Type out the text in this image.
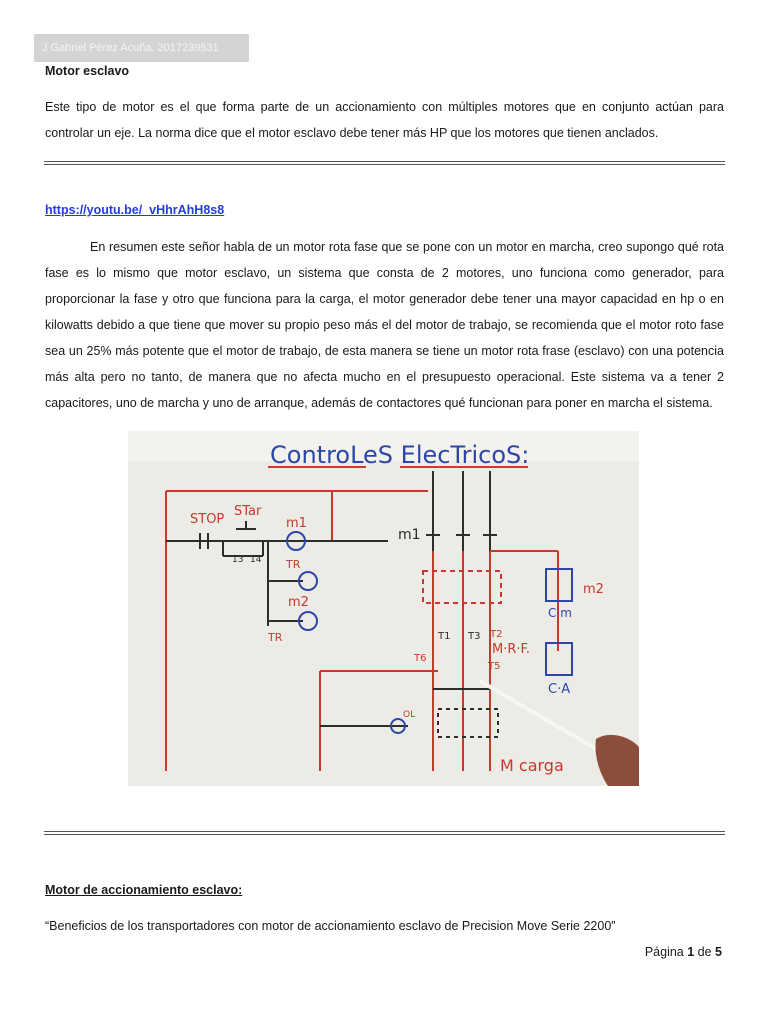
J Gabriel Pérez Acuña, 2017239531
Motor esclavo
Este tipo de motor es el que forma parte de un accionamiento con múltiples motores que en conjunto actúan para controlar un eje. La norma dice que el motor esclavo debe tener más HP que los motores que tienen anclados.
https://youtu.be/_vHhrAhH8s8
En resumen este señor habla de un motor rota fase que se pone con un motor en marcha, creo supongo qué rota fase es lo mismo que motor esclavo, un sistema que consta de 2 motores, uno funciona como generador, para proporcionar la fase y otro que funciona para la carga, el motor generador debe tener una mayor capacidad en hp o en kilowatts debido a que tiene que mover su propio peso más el del motor de trabajo, se recomienda que el motor roto fase sea un 25% más potente que el motor de trabajo, de esta manera se tiene un motor rota frase (esclavo) con una potencia más alta pero no tanto, de manera que no afecta mucho en el presupuesto operacional. Este sistema va a tener 2 capacitores, uno de marcha y uno de arranque, además de contactores qué funcionan para poner en marcha el sistema.
ControLeS ElecTricoS:
STOP
STar
m1
13 14 TR
m2
TR
m1
C·m
m2
C·A
T1 T3 T2
T6
T5
M·R·F.
M carga
OL
Motor de accionamiento esclavo:
“Beneficios de los transportadores con motor de accionamiento esclavo de Precision Move Serie 2200”
Página 1 de 5
